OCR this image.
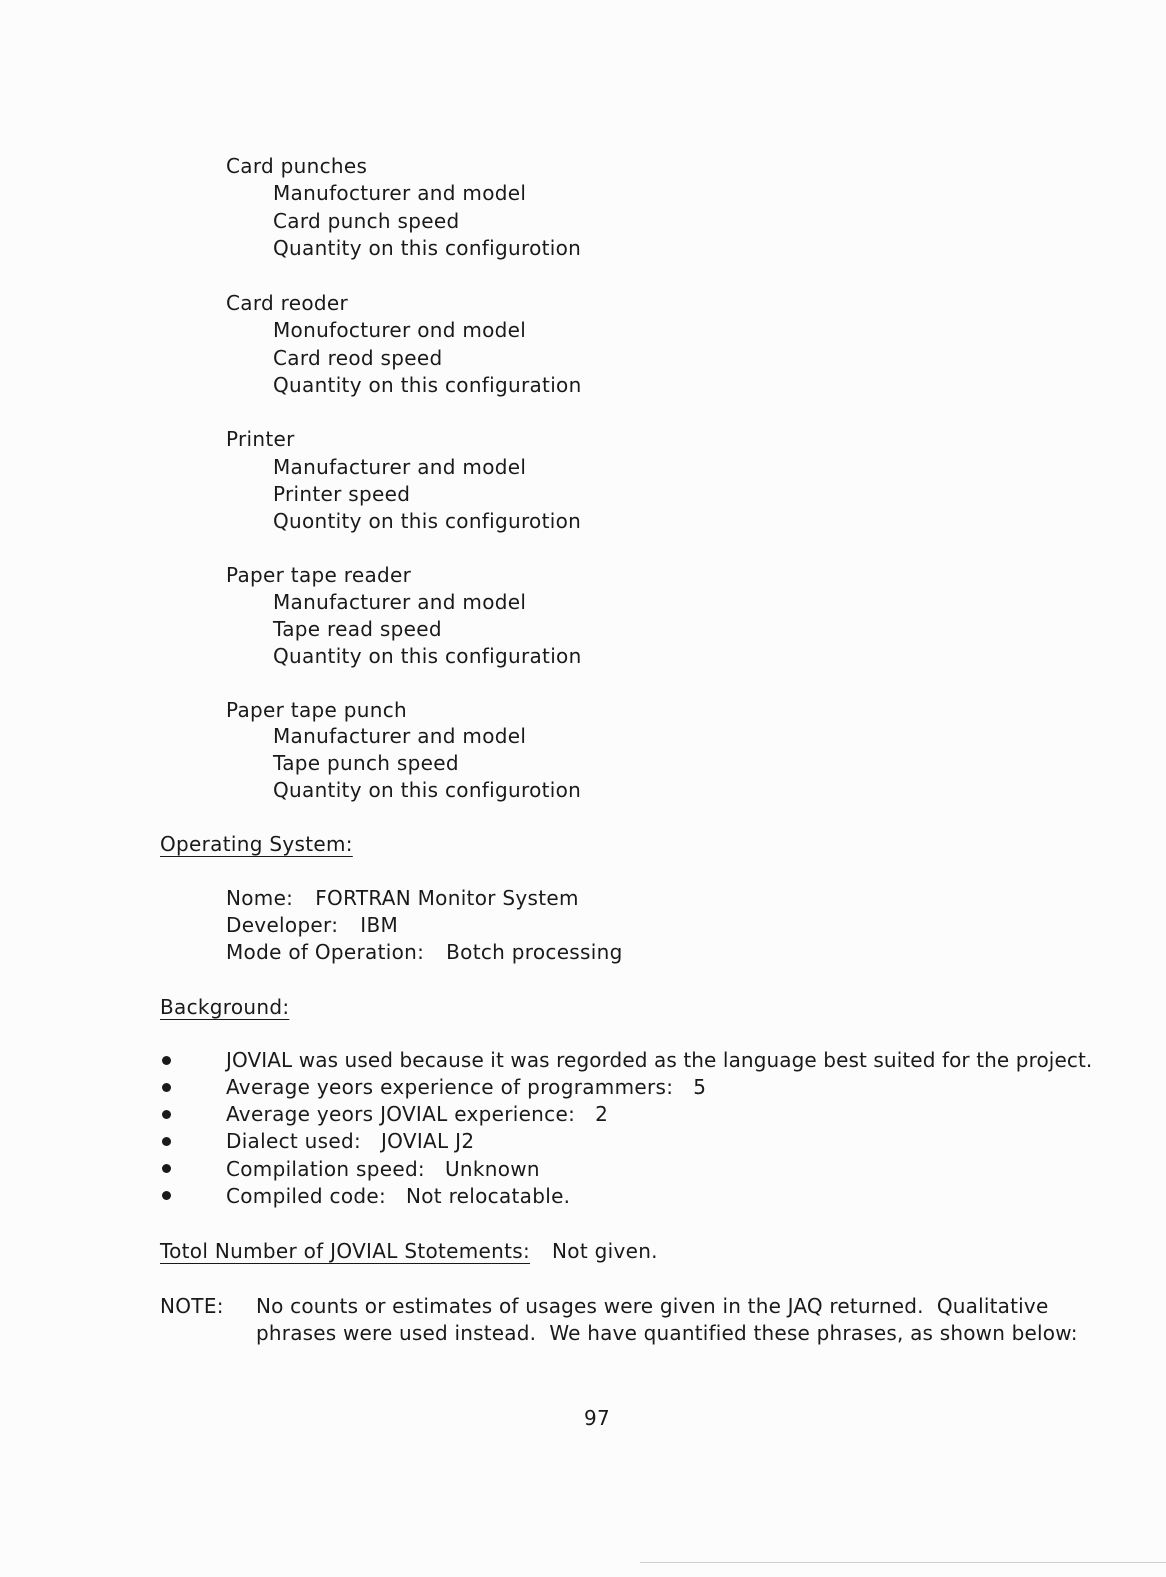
Card punches
Manufocturer and model
Card punch speed
Quantity on this configurotion
Card reoder
Monufocturer ond model
Card reod speed
Quantity on this configuration
Printer
Manufacturer and model
Printer speed
Quontity on this configurotion
Paper tape reader
Manufacturer and model
Tape read speed
Quantity on this configuration
Paper tape punch
Manufacturer and model
Tape punch speed
Quantity on this configurotion
Operating System:
Nome: FORTRAN Monitor System
Developer: IBM
Mode of Operation: Botch processing
Background:
JOVIAL was used because it was regorded as the language best suited for the project.
Average yeors experience of programmers:   5
Average yeors JOVIAL experience:   2
Dialect used:   JOVIAL J2
Compilation speed:   Unknown
Compiled code:   Not relocatable.
Totol Number of JOVIAL Stotements: Not given.
NOTE: No counts or estimates of usages were given in the JAQ returned.  Qualitative
phrases were used instead.  We have quantified these phrases, as shown below:
97
